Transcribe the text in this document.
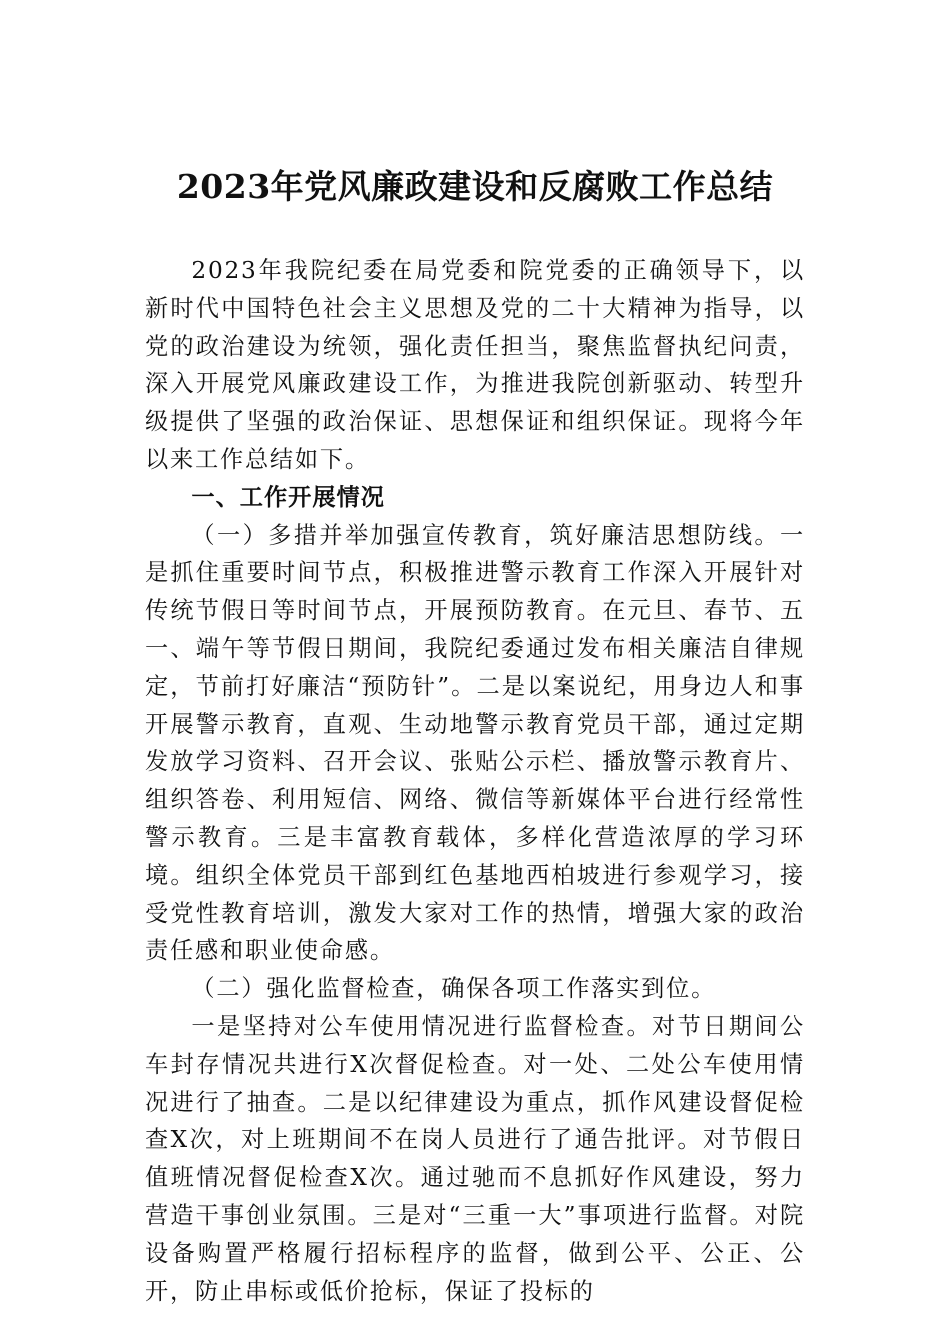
2023年党风廉政建设和反腐败工作总结

2023年我院纪委在局党委和院党委的正确领导下，以新时代中国特色社会主义思想及党的二十大精神为指导，以党的政治建设为统领，强化责任担当，聚焦监督执纪问责，深入开展党风廉政建设工作，为推进我院创新驱动、转型升级提供了坚强的政治保证、思想保证和组织保证。现将今年以来工作总结如下。

一、工作开展情况

（一）多措并举加强宣传教育，筑好廉洁思想防线。一是抓住重要时间节点，积极推进警示教育工作深入开展针对传统节假日等时间节点，开展预防教育。在元旦、春节、五一、端午等节假日期间，我院纪委通过发布相关廉洁自律规定，节前打好廉洁“预防针”。二是以案说纪，用身边人和事开展警示教育，直观、生动地警示教育党员干部，通过定期发放学习资料、召开会议、张贴公示栏、播放警示教育片、组织答卷、利用短信、网络、微信等新媒体平台进行经常性警示教育。三是丰富教育载体，多样化营造浓厚的学习环境。组织全体党员干部到红色基地西柏坡进行参观学习，接受党性教育培训，激发大家对工作的热情，增强大家的政治责任感和职业使命感。

（二）强化监督检查，确保各项工作落实到位。

一是坚持对公车使用情况进行监督检查。对节日期间公车封存情况共进行X次督促检查。对一处、二处公车使用情况进行了抽查。二是以纪律建设为重点，抓作风建设督促检查X次，对上班期间不在岗人员进行了通告批评。对节假日值班情况督促检查X次。通过驰而不息抓好作风建设，努力营造干事创业氛围。三是对“三重一大”事项进行监督。对院设备购置严格履行招标程序的监督，做到公平、公正、公开，防止串标或低价抢标，保证了投标的
